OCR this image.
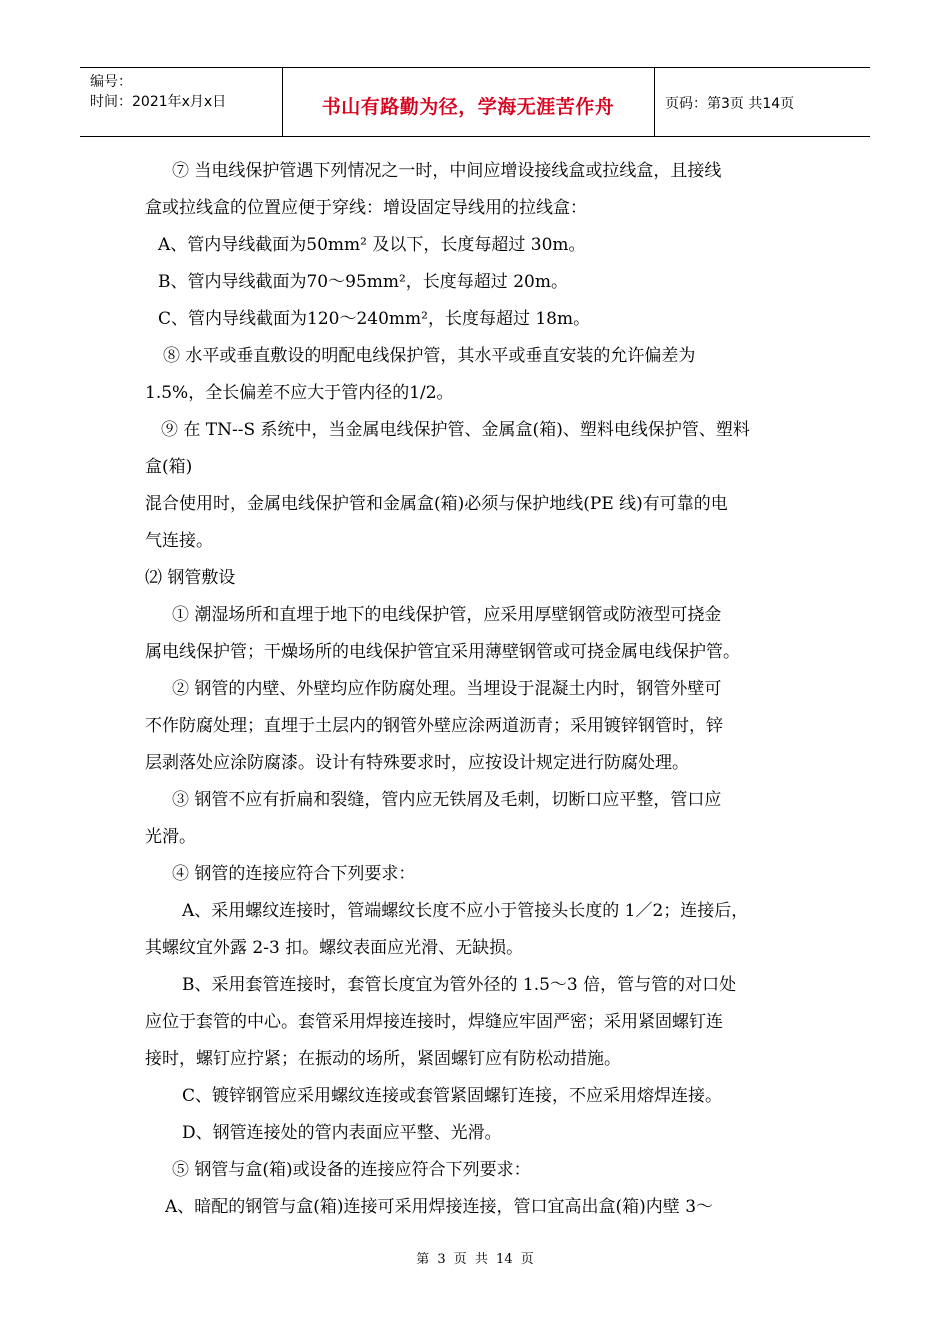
编号：
时间：2021年x月x日	书山有路勤为径，学海无涯苦作舟	页码：第3页 共14页

⑦ 当电线保护管遇下列情况之一时，中间应增设接线盒或拉线盒，且接线

盒或拉线盒的位置应便于穿线：增设固定导线用的拉线盒：

A、管内导线截面为50mm² 及以下，长度每超过 30m。

B、管内导线截面为70～95mm²，长度每超过 20m。

C、管内导线截面为120～240mm²，长度每超过 18m。

⑧ 水平或垂直敷设的明配电线保护管，其水平或垂直安装的允许偏差为

1.5%，全长偏差不应大于管内径的1/2。

⑨ 在 TN--S 系统中，当金属电线保护管、金属盒(箱)、塑料电线保护管、塑料

盒(箱)

混合使用时，金属电线保护管和金属盒(箱)必须与保护地线(PE 线)有可靠的电

气连接。

⑵ 钢管敷设

① 潮湿场所和直埋于地下的电线保护管，应采用厚壁钢管或防液型可挠金

属电线保护管；干燥场所的电线保护管宜采用薄壁钢管或可挠金属电线保护管。

② 钢管的内壁、外壁均应作防腐处理。当埋设于混凝土内时，钢管外壁可

不作防腐处理；直埋于土层内的钢管外壁应涂两道沥青；采用镀锌钢管时，锌

层剥落处应涂防腐漆。设计有特殊要求时，应按设计规定进行防腐处理。

③ 钢管不应有折扁和裂缝，管内应无铁屑及毛刺，切断口应平整，管口应

光滑。

④ 钢管的连接应符合下列要求：

A、采用螺纹连接时，管端螺纹长度不应小于管接头长度的 1／2；连接后，

其螺纹宜外露 2-3 扣。螺纹表面应光滑、无缺损。

B、采用套管连接时，套管长度宜为管外径的 1.5～3 倍，管与管的对口处

应位于套管的中心。套管采用焊接连接时，焊缝应牢固严密；采用紧固螺钉连

接时，螺钉应拧紧；在振动的场所，紧固螺钉应有防松动措施。

C、镀锌钢管应采用螺纹连接或套管紧固螺钉连接，不应采用熔焊连接。

D、钢管连接处的管内表面应平整、光滑。

⑤ 钢管与盒(箱)或设备的连接应符合下列要求：

A、暗配的钢管与盒(箱)连接可采用焊接连接，管口宜高出盒(箱)内壁 3～

第 3 页 共 14 页
